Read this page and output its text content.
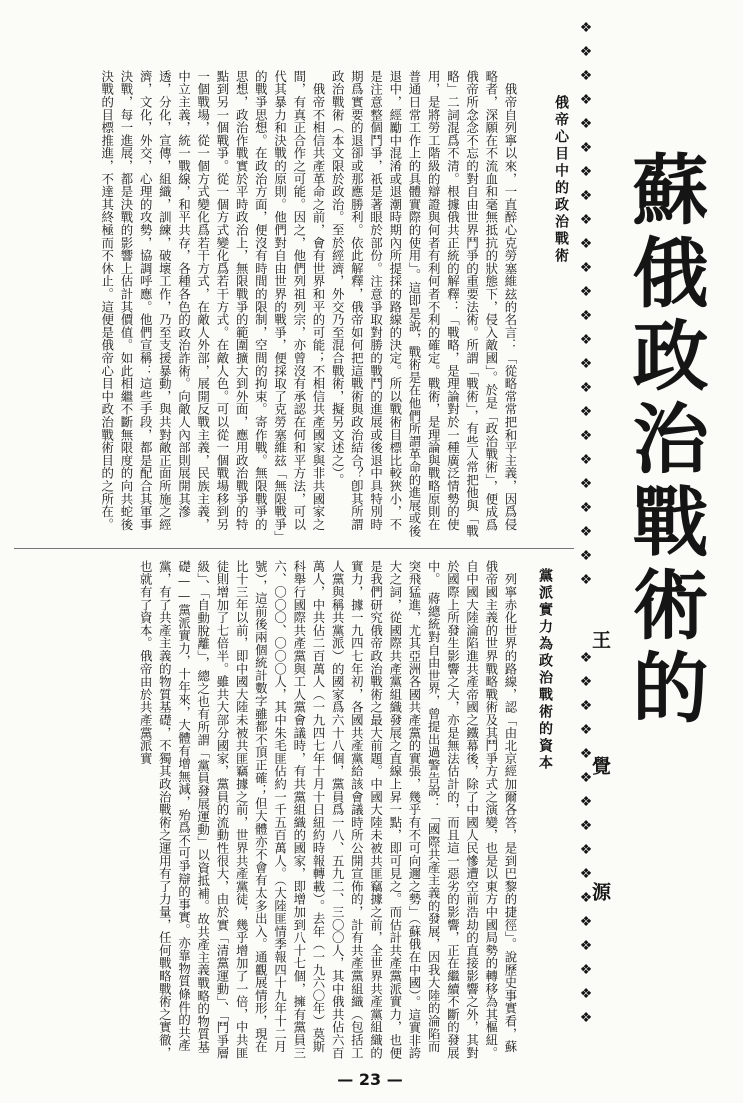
❖❖❖❖❖❖❖❖❖❖❖❖❖❖❖❖❖❖❖❖❖❖❖❖
❖❖❖❖❖❖❖❖❖❖❖❖❖❖❖❖
蘇俄政治戰術的
王　覺　源
俄帝心目中的政治戰術
　俄帝自列寧以來，一直醉心克勞塞維玆的名言：「從略常常把和平主義，因爲侵略者，深願在不流血和毫無抵抗的狀態下，侵入敵國」。於是「政治戰術」，便成爲俄帝所念念不忘的對自由世界鬥爭的重要法術。所謂「戰術」，有些人常把他與「戰略」二詞混爲不清。根據俄共正統的解釋：「戰略，是理論對於一種廣泛情勢的使用，是將勞工階級的辯證與何者有利何者不利的確定。戰術，是理論與戰略原則在普通日常工作上的具體實際的使用」。這即是說，戰術是在他們所謂革命的進展或後退中，經勵中混淆或退潮時期內所提採的路線的決定。所以戰術目標比較狹小，不是注意整個鬥爭，祇是著眼於部份。注意爭取對勝的戰鬥的進展或後退中具特別時期爲實要的退卻或那應勝利。依此解釋，俄帝如何把這戰術與政治結合？卽其所謂政治戰術（本文限於政治。至於經濟，外交乃至混合戰術，擬另文述之）。
　俄帝不相信共產革命之前，會有世界和平的可能；不相信共產國家與非共國家之間，有真正合作之可能。因之，他們列祖列宗，亦曾沒有承認在何和平方法，可以代其暴力和決戰的原則。他們對自由世界的戰爭，便採取了克勞塞維玆「無限戰爭」的戰爭思想。在政治方面，便沒有時間的限制，空間的拘束。寄作戰。無限戰爭的思想，政治作戰實於平時政治上，無限戰爭的範圍擴大到外面，應用政治戰爭的特點到另一個戰爭。從一個方式變化爲若干方式。在敵人色。可以從一個戰場移到另一個戰場，從一個方式變化爲若干方式，在敵人外部，展開反戰主義，民族主義，中立主義，統一戰線，和平共存，各種各色的政治詐術。向敵人內部則展開其滲透，分化，宣傳，組織，訓練，破壞工作，乃至支援暴動，與共對敵正面所施之經濟，文化，外交，心理的攻勢，協調呼應。他們宣稱：這些手段，都是配合其軍事決戰，每一進展，都是決戰的影響上估計其價值。如此相繼不斷無限度的向共蛇後決戰的目標推進，不達其終極而不休止。這便是俄帝心目中政治戰術目的之所在。
黨派實力為政治戰術的資本
　列寧赤化世界的路線，認「由北京經加爾各答，是到巴黎的捷徑」。說歷史事實看，蘇俄帝國主義的世界戰略戰術及其鬥爭方式之演變，也是以東方中國局勢的轉移為其樞紐。自中國大陸淪陷進共產帝國之鐵幕後，除了中國人民慘遭空前浩劫的直接影響之外，其對於國際上所發生影響之大，亦是無法估計的，而且這一惡劣的影響，正在繼續不斷的發展中。　蔣總統對自由世界，曾提出過警告說：「國際共產主義的發展，因我大陸的淪陷而突飛猛進，尤其亞洲各國共產黨的實張，幾乎有不可向邇之勢」（蘇俄在中國）。這實非誇大之詞，從國際共產黨組織發展之直線上昇一點，即可見之。而估計共產黨派實力，也便是我們研究俄帝政治戰術之最大前題。中國大陸未被共匪竊據之前，全世界共產黨組織的實力，據一九四七年初，各國共產黨給該會議時所公開宣佈的，計有共產黨組織（包括工人黨與稱共黨派）的國家爲六十八個，黨員爲一八、五九二、三〇〇人，其中俄共佔六百萬人，中共佔二百萬人（一九四七年十月十日紐約時報轉載）。去年（一九六〇年）莫斯科舉行國際共產黨與工人黨會議時，有共黨組織的國家，即增加到八十七個，擁有黨員三六、〇〇〇、〇〇〇人，其中朱毛匪佔約一千五百萬人。（大陸匪情季報四十九年十二月號），這前後兩個統計數字雖都不頂正確；但大體亦不會有太多出入。通觀展情形，現在比十三年以前，即中國大陸未被共匪竊據之前，世界共產黨徒，幾乎增加了一倍，中共匪徒則增加了七倍半。雖共大部分國家，黨員的流動性很大，由於實「清黨運動」、「鬥爭層級」、「自動脫離」，總之也有所謂「黨員發展運動」以資抵補。故共產主義戰略的物質基礎——黨派實力，十年來，大體有增無減，殆爲不可爭辯的事實。亦靠物質條件的共產黨，有了共產主義的物質基礎，不獨其政治戰術之運用有了力量，任何戰略戰術之實徹，也就有了資本。俄帝由於共產黨派實
— 23 —
